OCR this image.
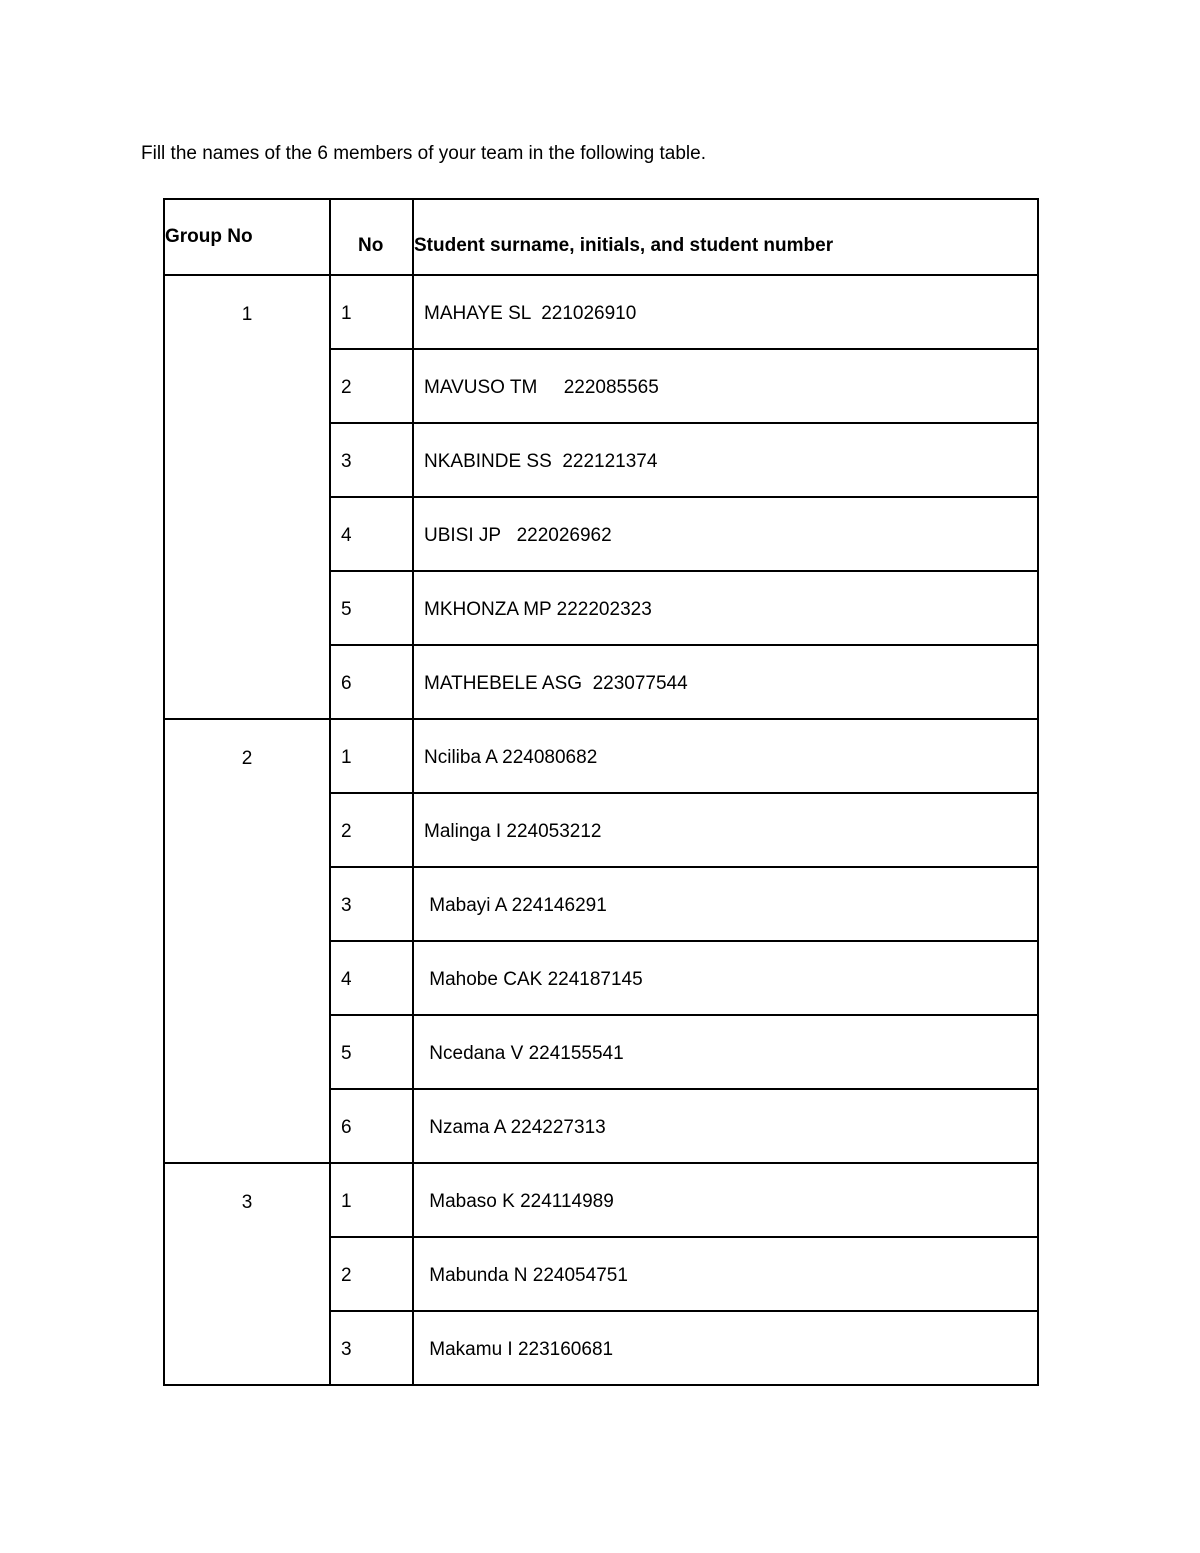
Fill the names of the 6 members of your team in the following table.
Group No	No	Student surname, initials, and student number
1	1	MAHAYE SL  221026910
	2	MAVUSO TM     222085565
	3	NKABINDE SS  222121374
	4	UBISI JP   222026962
	5	MKHONZA MP 222202323
	6	MATHEBELE ASG  223077544
2	1	Nciliba A 224080682
	2	Malinga I 224053212
	3	Mabayi A 224146291
	4	Mahobe CAK 224187145
	5	Ncedana V 224155541
	6	Nzama A 224227313
3	1	Mabaso K 224114989
	2	Mabunda N 224054751
	3	Makamu I 223160681
